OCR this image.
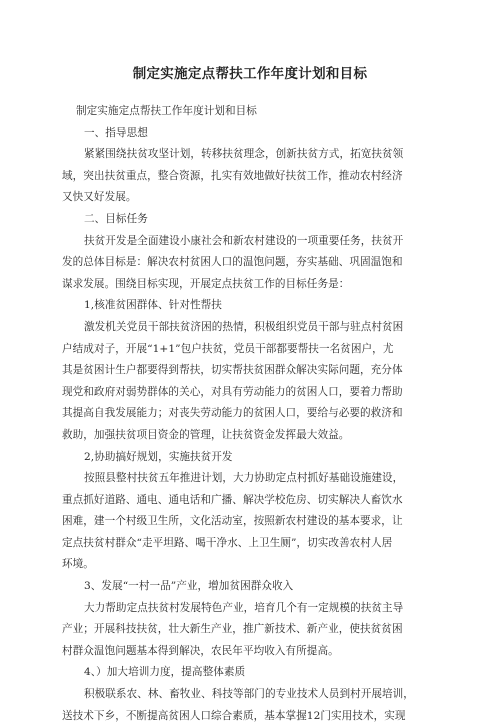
制定实施定点帮扶工作年度计划和目标
制定实施定点帮扶工作年度计划和目标
一、指导思想
紧紧围绕扶贫攻坚计划，转移扶贫理念，创新扶贫方式，拓宽扶贫领
域，突出扶贫重点，整合资源，扎实有效地做好扶贫工作，推动农村经济
又快又好发展。
二、目标任务
扶贫开发是全面建设小康社会和新农村建设的一项重要任务，扶贫开
发的总体目标是：解决农村贫困人口的温饱问题，夯实基础、巩固温饱和
谋求发展。围绕目标实现，开展定点扶贫工作的目标任务是：
1,核准贫困群体、针对性帮扶
激发机关党员干部扶贫济困的热情，积极组织党员干部与驻点村贫困
户结成对子，开展“1+1”包户扶贫，党员干部都要帮扶一名贫困户，尤
其是贫困计生户都要得到帮扶，切实帮扶贫困群众解决实际问题，充分体
现党和政府对弱势群体的关心，对具有劳动能力的贫困人口，要着力帮助
其提高自我发展能力；对丧失劳动能力的贫困人口，要给与必要的救济和
救助，加强扶贫项目资金的管理，让扶贫资金发挥最大效益。
2,协助搞好规划，实施扶贫开发
按照县整村扶贫五年推进计划，大力协助定点村抓好基础设施建设，
重点抓好道路、通电、通电话和广播、解决学校危房、切实解决人畜饮水
困难，建一个村级卫生所，文化活动室，按照新农村建设的基本要求，让
定点扶贫村群众“走平坦路、喝干净水、上卫生厕”，切实改善农村人居
环境。
3、发展“一村一品”产业，增加贫困群众收入
大力帮助定点扶贫村发展特色产业，培育几个有一定规模的扶贫主导
产业；开展科技扶贫，壮大新生产业，推广新技术、新产业，使扶贫贫困
村群众温饱问题基本得到解决，农民年平均收入有所提高。
4、）加大培训力度，提高整体素质
积极联系农、林、畜牧业、科技等部门的专业技术人员到村开展培训，
送技术下乡，不断提高贫困人口综合素质，基本掌握12门实用技术，实现
